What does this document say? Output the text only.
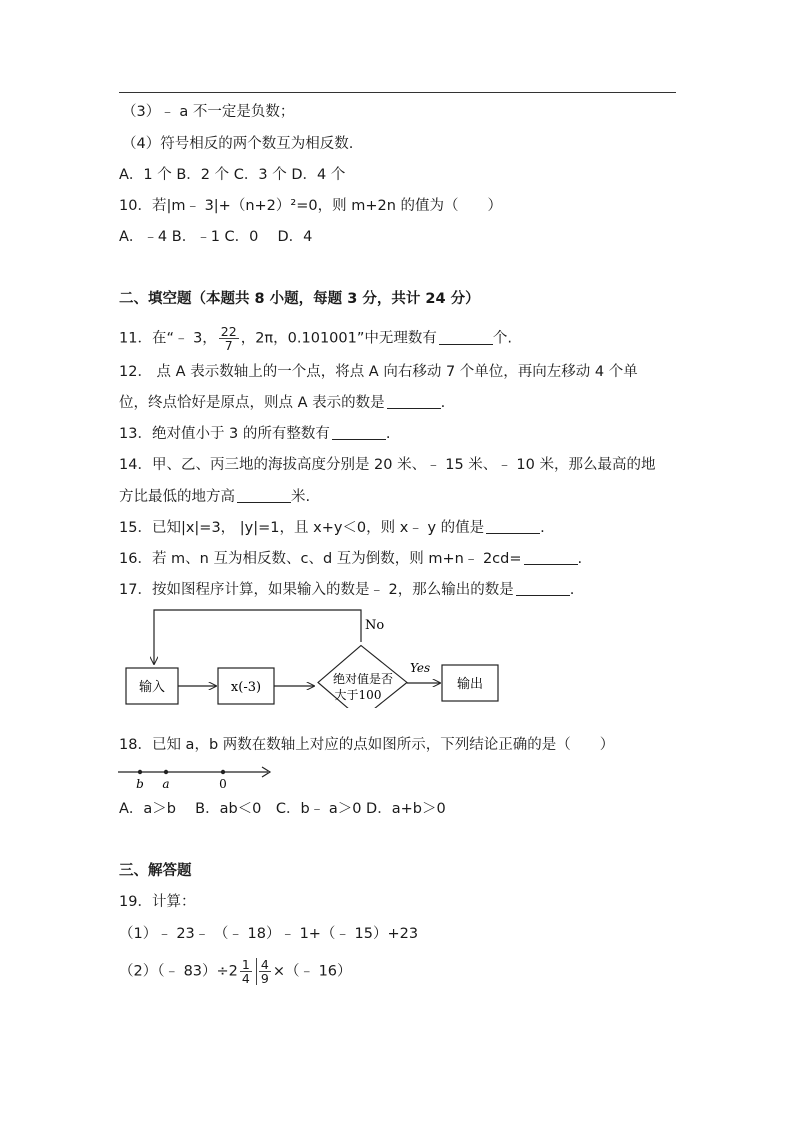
（3）﹣ a 不一定是负数；
（4）符号相反的两个数互为相反数.
A．1 个 B．2 个 C．3 个 D．4 个
10．若|m﹣ 3|+（n+2）²=0，则 m+2n 的值为（　　）
A．﹣4 B．﹣1 C．0　 D．4
二、填空题（本题共 8 小题，每题 3 分，共计 24 分）
11．在“﹣ 3， $\frac{22}{7}$ ，2π，0.101001”中无理数有	个.
12． 点 A 表示数轴上的一个点，将点 A 向右移动 7 个单位，再向左移动 4 个单
位，终点恰好是原点，则点 A 表示的数是	.
13．绝对值小于 3 的所有整数有	.
14．甲、乙、丙三地的海拔高度分别是 20 米、﹣ 15 米、﹣ 10 米，那么最高的地
方比最低的地方高	米.
15．已知|x|=3， |y|=1，且 x+y＜0，则 x﹣ y 的值是	.
16．若 m、n 互为相反数、c、d 互为倒数，则 m+n﹣ 2cd=	.
17．按如图程序计算，如果输入的数是﹣ 2，那么输出的数是	.
输入	x(-3)
绝对值是否
大于100
No
Yes
输出
18．已知 a，b 两数在数轴上对应的点如图所示，下列结论正确的是（　　）
b a	0
A．a＞b　 B．ab＜0　C．b﹣ a＞0 D．a+b＞0
三、解答题
19．计算：
（1）﹣ 23﹣ （﹣ 18）﹣ 1+（﹣ 15）+23
（2）（﹣ $83)\div 2 \frac{1}{4} \frac{4}{9}$ ×（﹣ 16）
